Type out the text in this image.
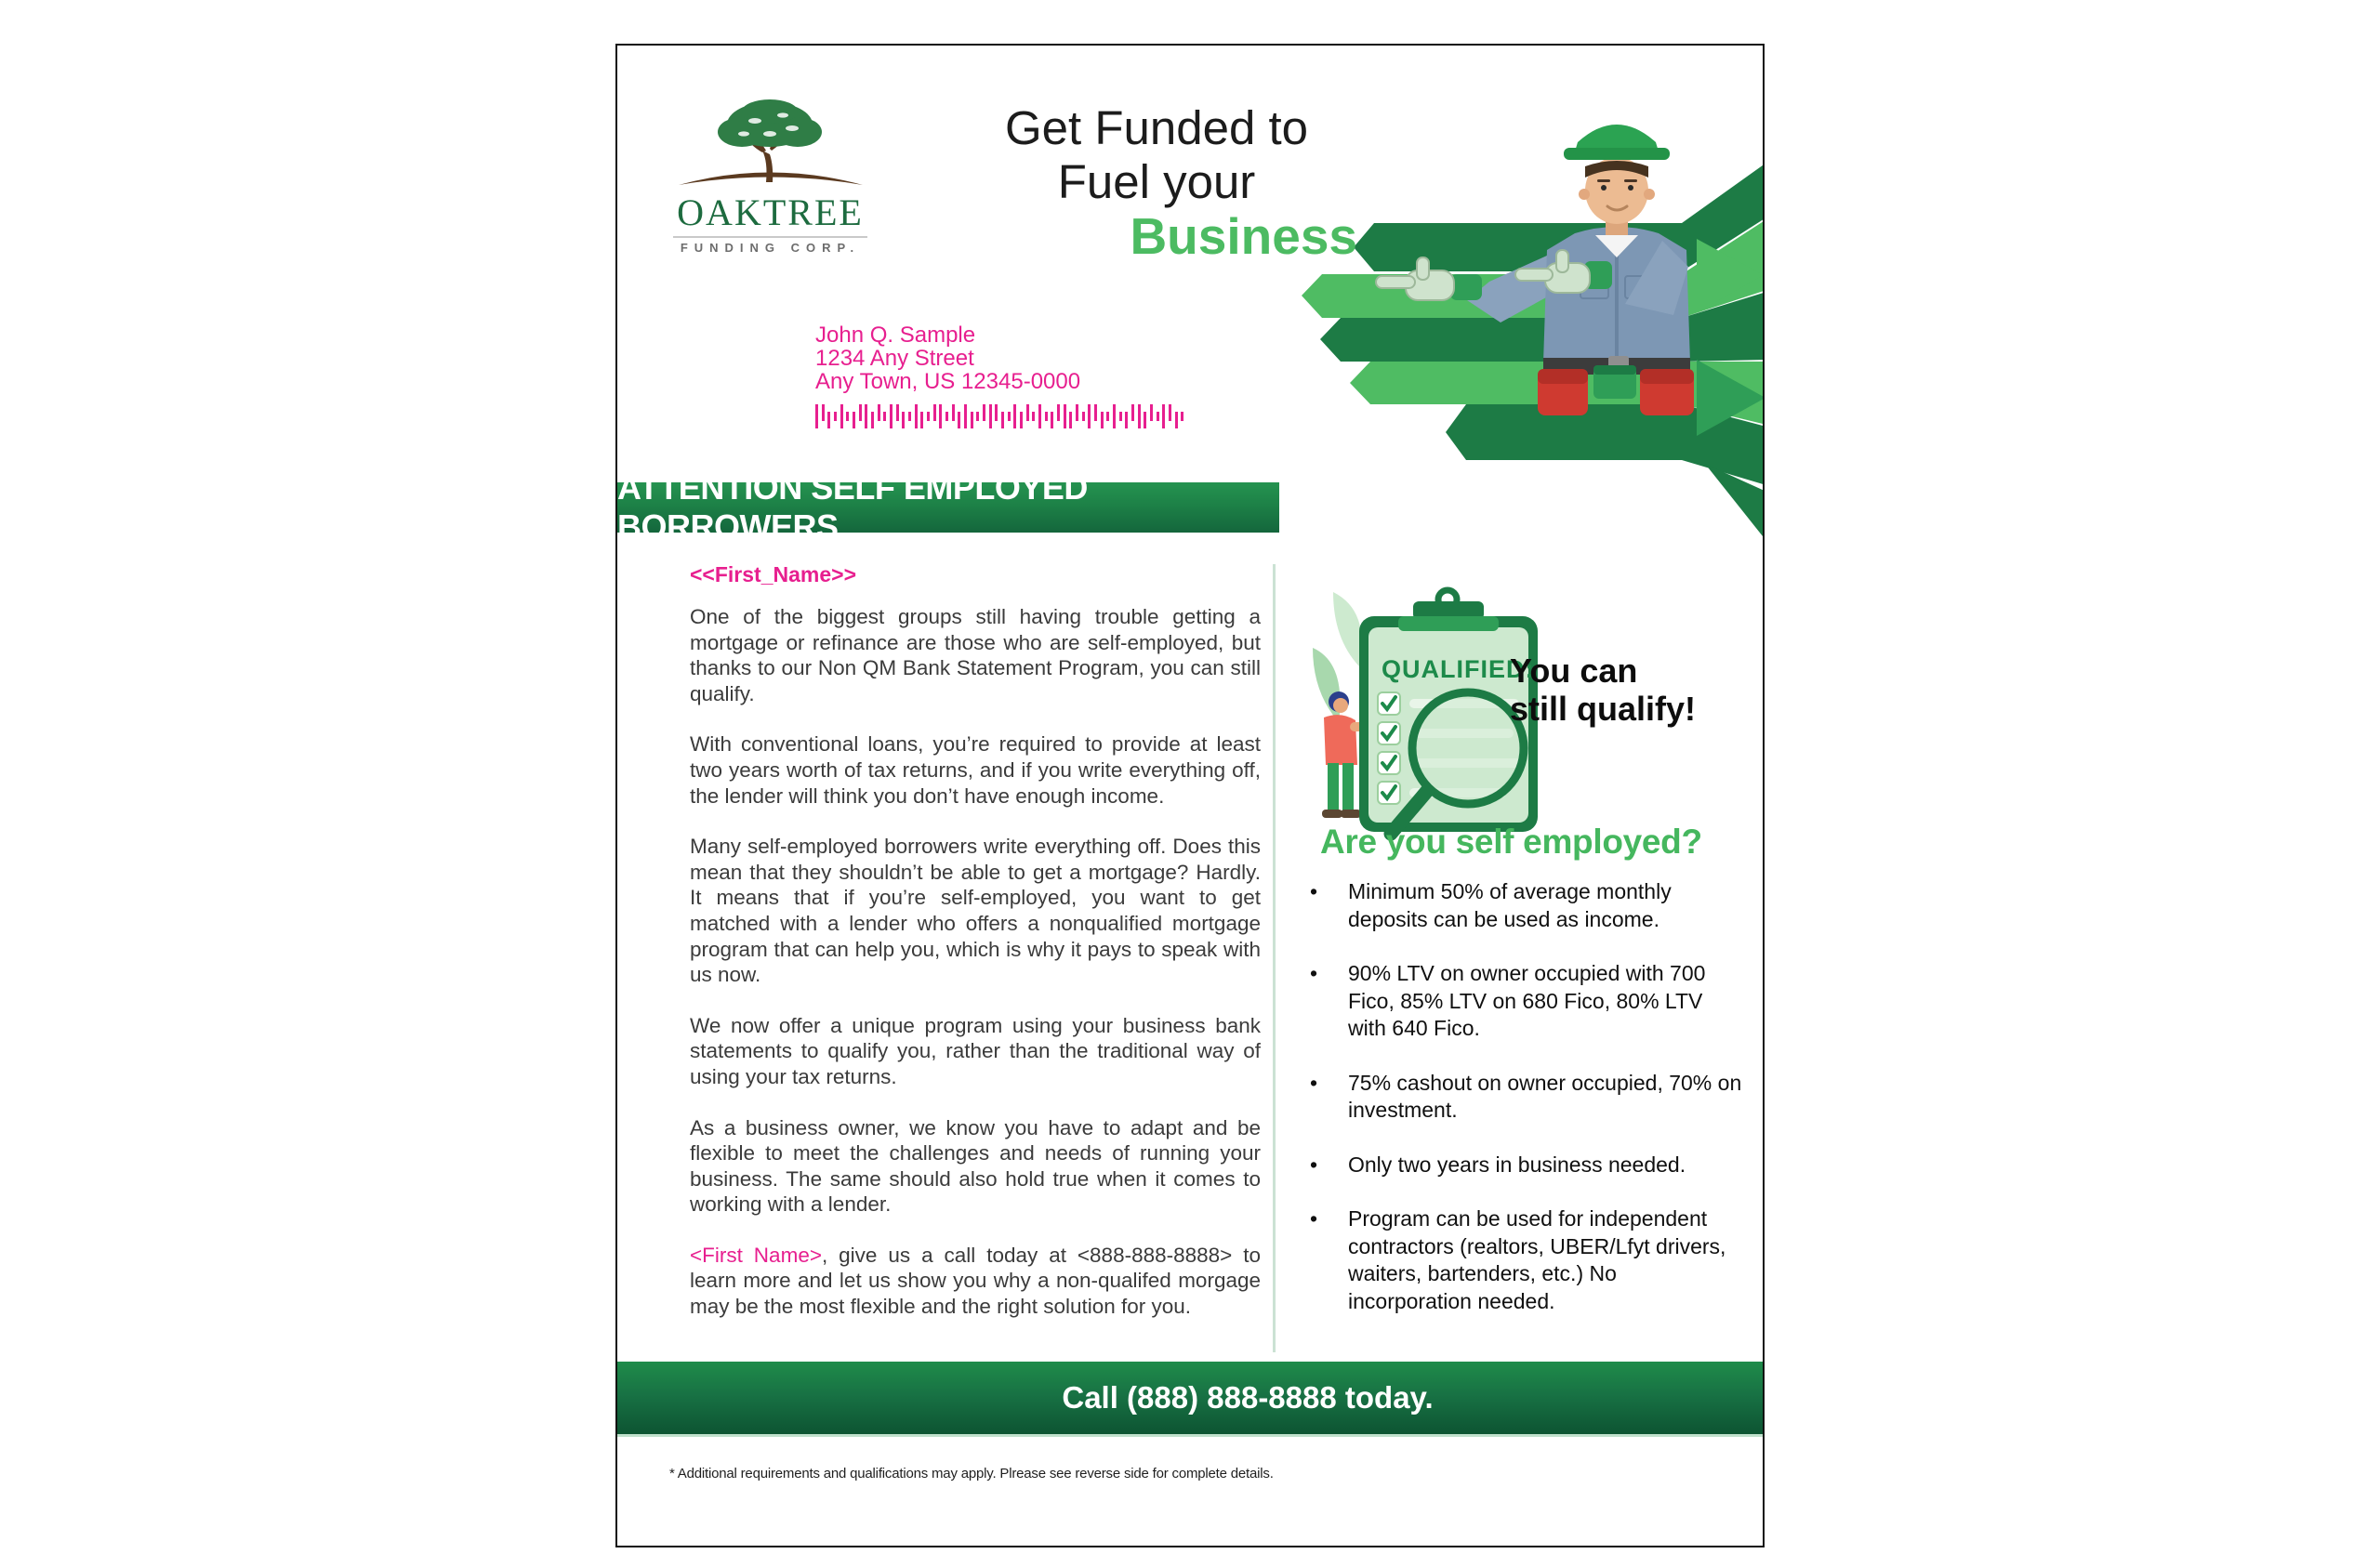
OAKTREE
FUNDING CORP.
Get Funded to
Fuel your
Business
John Q. Sample
1234 Any Street
Any Town, US 12345-0000
ATTENTION SELF EMPLOYED BORROWERS
<<First_Name>>

One of the biggest groups still having trouble getting a mortgage or refinance are those who are self-employed, but thanks to our Non QM Bank Statement Program, you can still qualify.

With conventional loans, you’re required to provide at least two years worth of tax returns, and if you write everything off, the lender will think you don’t have enough income.

Many self-employed borrowers write everything off. Does this mean that they shouldn’t be able to get a mortgage? Hardly. It means that if you’re self-employed, you want to get matched with a lender who offers a nonqualified mortgage program that can help you, which is why it pays to speak with us now.

We now offer a unique program using your business bank statements to qualify you, rather than the traditional way of using your tax returns.

As a business owner, we know you have to adapt and be flexible to meet the challenges and needs of running your business. The same should also hold true when it comes to working with a lender.

<First Name>, give us a call today at <888-888-8888> to learn more and let us show you why a non-qualifed morgage may be the most flexible and the right solution for you.

QUALIFIED:
You can
still qualify!
Are you self employed?
• Minimum 50% of average monthly deposits can be used as income.
• 90% LTV on owner occupied with 700 Fico, 85% LTV on 680 Fico, 80% LTV with 640 Fico.
• 75% cashout on owner occupied, 70% on investment.
• Only two years in business needed.
• Program can be used for independent contractors (realtors, UBER/Lfyt drivers, waiters, bartenders, etc.) No incorporation needed.
Call (888) 888-8888 today.
* Additional requirements and qualifications may apply. Plrease see reverse side for complete details.
